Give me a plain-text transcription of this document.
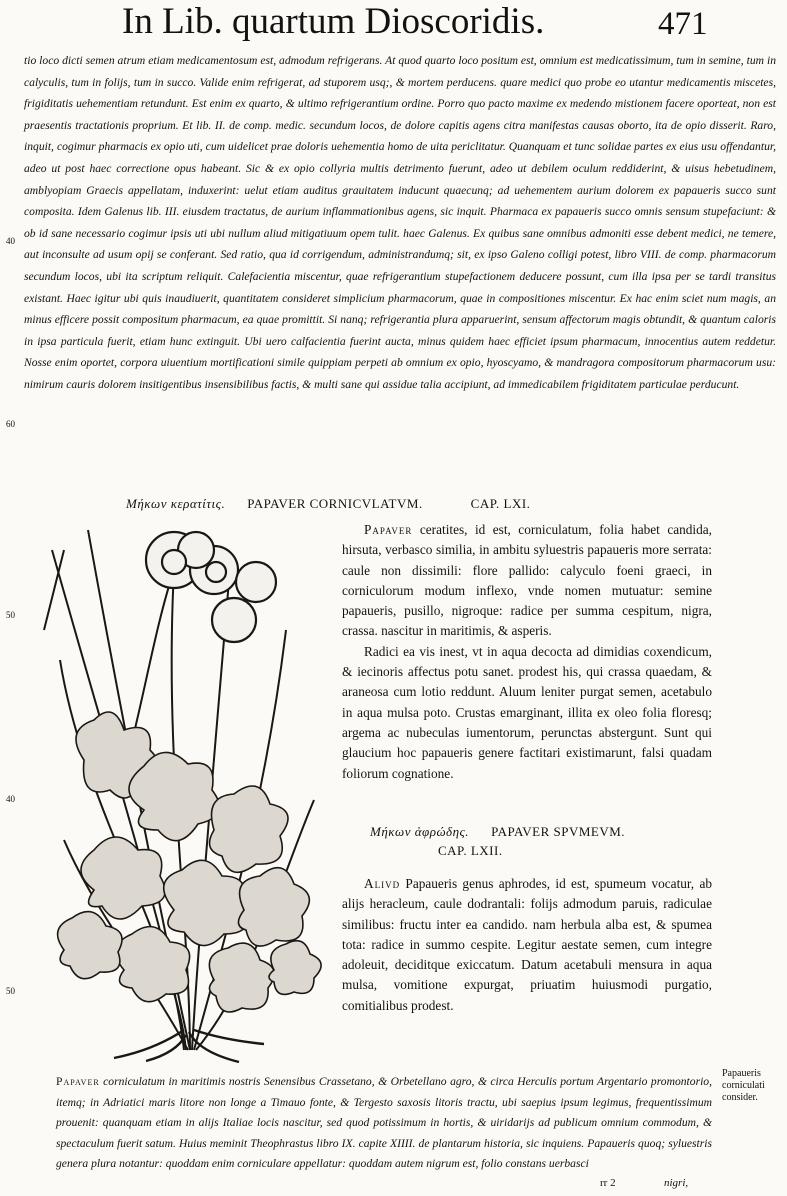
In Lib. quartum Dioscoridis.	471

tio loco dicti semen atrum etiam medicamentosum est, admodum refrigerans. At quod quarto loco positum est, omnium est medicatissimum, tum in semine, tum in calyculis, tum in folijs, tum in succo. Valide enim refrigerat, ad stuporem usq;, & mortem perducens. quare medici quo probe eo utantur medicamentis miscetes, frigiditatis uehementiam retundunt. Est enim ex quarto, & ultimo refrigerantium ordine. Porro quo pacto maxime ex medendo mistionem facere oporteat, non est praesentis tractationis proprium. Et lib. II. de comp. medic. secundum locos, de dolore capitis agens citra manifestas causas oborto, ita de opio disserit. Raro, inquit, cogimur pharmacis ex opio uti, cum uidelicet prae doloris uehementia homo de uita periclitatur. Quanquam et tunc solidae partes ex eius usu offendantur, adeo ut post haec correctione opus habeant. Sic & ex opio collyria multis detrimento fuerunt, adeo ut debilem oculum reddiderint, & uisus hebetudinem, amblyopiam Graecis appellatam, induxerint: uelut etiam auditus grauitatem inducunt quaecunq; ad uehementem aurium dolorem ex papaueris succo sunt composita. Idem Galenus lib. III. eiusdem tractatus, de aurium inflammationibus agens, sic inquit. Pharmaca ex papaueris succo omnis sensum stupefaciunt: & ob id sane necessario cogimur ipsis uti ubi nullum aliud mitigatiuum opem tulit. haec Galenus. Ex quibus sane omnibus admoniti esse debent medici, ne temere, aut inconsulte ad usum opij se conferant. Sed ratio, qua id corrigendum, administrandumq; sit, ex ipso Galeno colligi potest, libro VIII. de comp. pharmacorum secundum locos, ubi ita scriptum reliquit. Calefacientia miscentur, quae refrigerantium stupefactionem deducere possunt, cum illa ipsa per se tardi transitus existant. Haec igitur ubi quis inaudiuerit, quantitatem consideret simplicium pharmacorum, quae in compositiones miscentur. Ex hac enim sciet num magis, an minus efficere possit compositum pharmacum, ea quae promittit. Si nanq; refrigerantia plura apparuerint, sensum affectorum magis obtundit, & quantum caloris in ipsa particula fuerit, etiam hunc extinguit. Ubi uero calfacientia fuerint aucta, minus quidem haec efficiet ipsum pharmacum, innocentius autem reddetur. Nosse enim oportet, corpora uiuentium mortificationi simile quippiam perpeti ab omnium ex opio, hyoscyamo, & mandragora compositorum pharmacorum usu: nimirum cauris dolorem insitigentibus insensibilibus factis, & multi sane qui assidue talia accipiunt, ad immedicabilem frigiditatem particulae perducunt.

40
60
50
40
50
Μήκων κερατίτις. PAPAVER CORNICVLATVM.	CAP. LXI.

Papaver ceratites, id est, corniculatum, folia habet candida, hirsuta, verbasco similia, in ambitu syluestris papaueris more serrata: caule non dissimili: flore pallido: calyculo foeni graeci, in corniculorum modum inflexo, vnde nomen mutuatur: semine papaueris, pusillo, nigroque: radice per summa cespitum, nigra, crassa. nascitur in maritimis, & asperis.

Radici ea vis inest, vt in aqua decocta ad dimidias coxendicum, & iecinoris affectus potu sanet. prodest his, qui crassa quaedam, & araneosa cum lotio reddunt. Aluum leniter purgat semen, acetabulo in aqua mulsa poto. Crustas emarginant, illita ex oleo folia floresq; argema ac nubeculas iumentorum, perunctas abstergunt. Sunt qui glaucium hoc papaueris genere factitari existimarunt, falsi quadam foliorum cognatione.

Μήκων ἀφρώδης. PAPAVER SPVMEVM.
CAP. LXII.

Alivd Papaueris genus aphrodes, id est, spumeum vocatur, ab alijs heracleum, caule dodrantali: folijs admodum paruis, radiculae similibus: fructu inter ea candido. nam herbula alba est, & spumea tota: radice in summo cespite. Legitur aestate semen, cum integre adoleuit, deciditque exiccatum. Datum acetabuli mensura in aqua mulsa, vomitione expurgat, priuatim huiusmodi purgatio, comitialibus prodest.

Papaver corniculatum in maritimis nostris Senensibus Crassetano, & Orbetellano agro, & circa Herculis portum Argentario promontorio, itemq; in Adriatici maris litore non longe a Timauo fonte, & Tergesto saxosis litoris tractu, ubi saepius ipsum legimus, frequentissimum prouenit: quanquam etiam in alijs Italiae locis nascitur, sed quod potissimum in hortis, & uiridarijs ad publicum omnium commodum, & spectaculum fuerit satum. Huius meminit Theophrastus libro IX. capite XIIII. de plantarum historia, sic inquiens. Papaueris quoq; syluestris genera plura notantur: quoddam enim corniculare appellatur: quoddam autem nigrum est, folio constans uerbasci

Papaueris corniculati consider.
rr 2	nigri,
